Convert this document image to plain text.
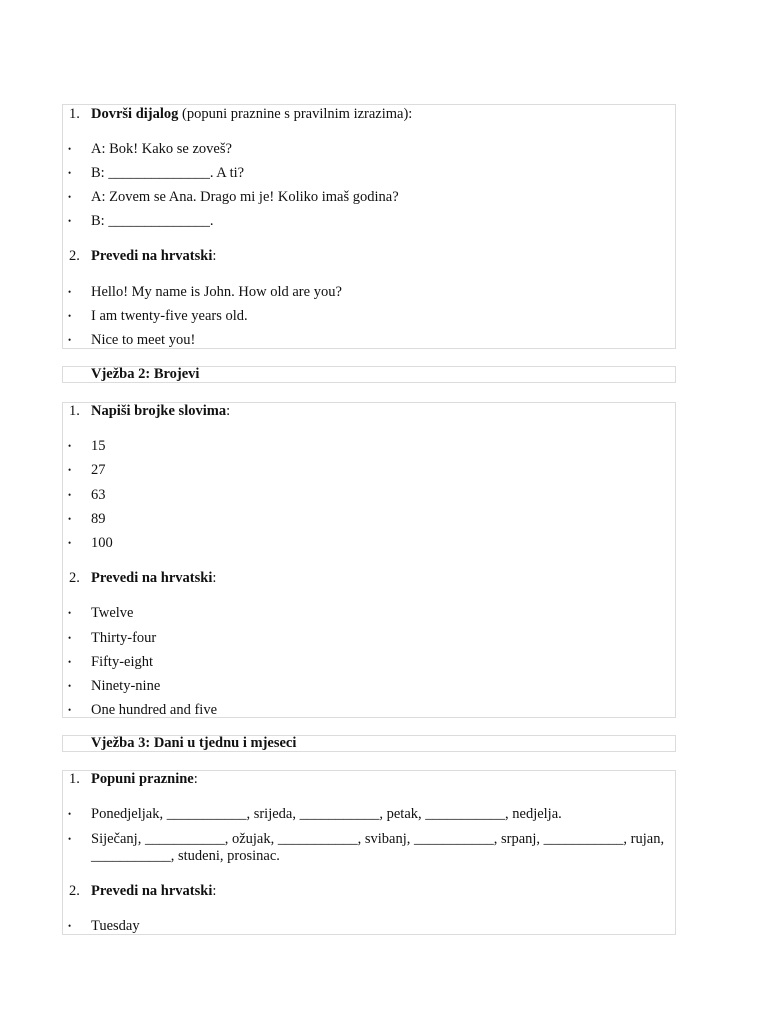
1. Dovrši dijalog (popuni praznine s pravilnim izrazima):
• A: Bok! Kako se zoveš?
• B: ______________. A ti?
• A: Zovem se Ana. Drago mi je! Koliko imaš godina?
• B: ______________.
2. Prevedi na hrvatski:
• Hello! My name is John. How old are you?
• I am twenty-five years old.
• Nice to meet you!
Vježba 2: Brojevi
1. Napiši brojke slovima:
• 15
• 27
• 63
• 89
• 100
2. Prevedi na hrvatski:
• Twelve
• Thirty-four
• Fifty-eight
• Ninety-nine
• One hundred and five
Vježba 3: Dani u tjednu i mjeseci
1. Popuni praznine:
• Ponedjeljak, ___________, srijeda, ___________, petak, ___________, nedjelja.
• Siječanj, ___________, ožujak, ___________, svibanj, ___________, srpanj, ___________, rujan, ___________, studeni, prosinac.
2. Prevedi na hrvatski:
• Tuesday
